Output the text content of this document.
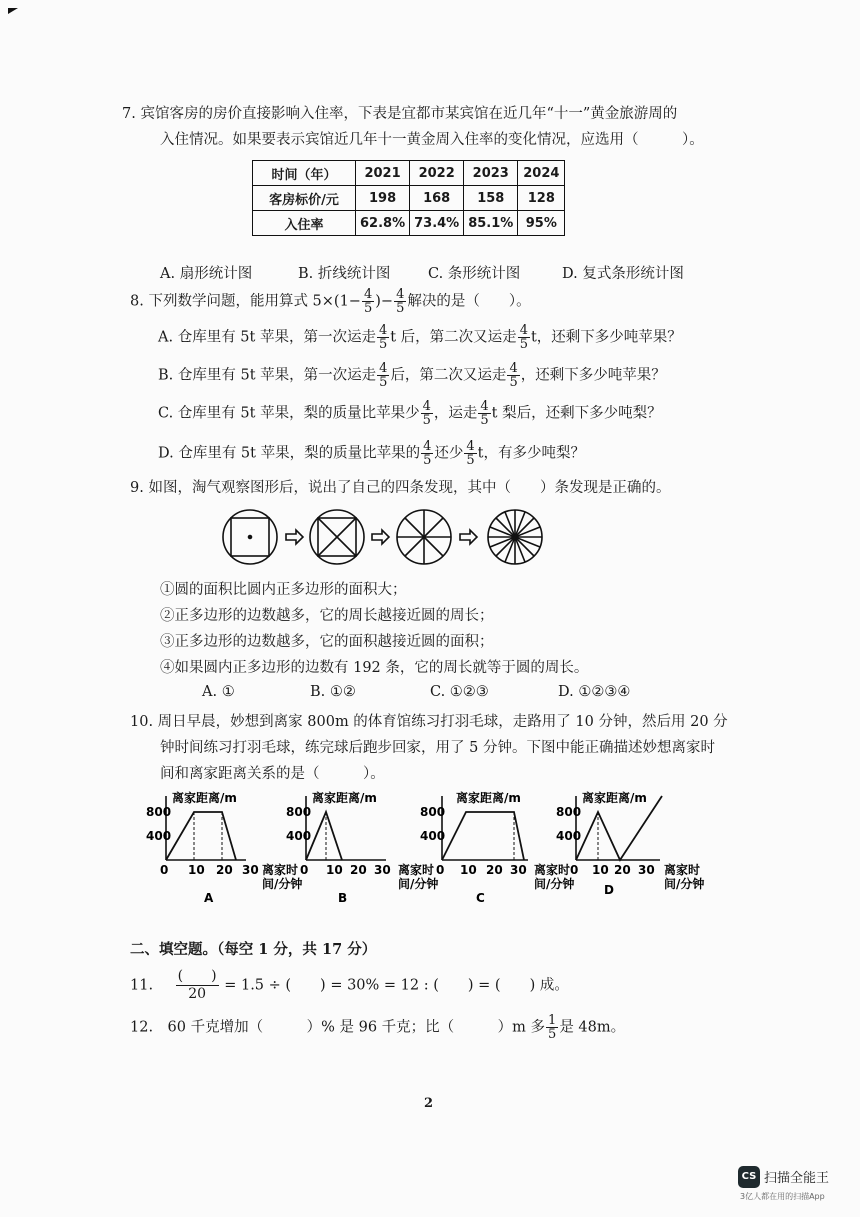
7. 宾馆客房的房价直接影响入住率，下表是宜都市某宾馆在近几年“十一”黄金旅游周的
入住情况。如果要表示宾馆近几年十一黄金周入住率的变化情况，应选用（　　　）。
时间（年）	2021	2022	2023	2024
客房标价/元	198	168	158	128
入住率	62.8%	73.4%	85.1%	95%
A. 扇形统计图	B. 折线统计图	C. 条形统计图	D. 复式条形统计图
8. 下列数学问题，能用算式 $5\times(1- \frac{4}{5}$ )− $\frac{4}{5}$ 解决的是（　　）。
A. 仓库里有 5t 苹果，第一次运走 $\frac{4}{5}$ t 后，第二次又运走 $\frac{4}{5}$ t，还剩下多少吨苹果？
B. 仓库里有 5t 苹果，第一次运走 $\frac{4}{5}$ 后，第二次又运走 $\frac{4}{5}$ ，还剩下多少吨苹果？
C. 仓库里有 5t 苹果，梨的质量比苹果少 $\frac{4}{5}$ ，运走 $\frac{4}{5}$ t 梨后，还剩下多少吨梨？
D. 仓库里有 5t 苹果，梨的质量比苹果的 $\frac{4}{5}$ 还少 $\frac{4}{5}$ t，有多少吨梨？
9. 如图，淘气观察图形后，说出了自己的四条发现，其中（　　）条发现是正确的。
①圆的面积比圆内正多边形的面积大；
②正多边形的边数越多，它的周长越接近圆的周长；
③正多边形的边数越多，它的面积越接近圆的面积；
④如果圆内正多边形的边数有 192 条，它的周长就等于圆的周长。
A. ①	B. ①②	C. ①②③	D. ①②③④
10. 周日早晨，妙想到离家 800m 的体育馆练习打羽毛球，走路用了 10 分钟，然后用 20 分
钟时间练习打羽毛球，练完球后跑步回家，用了 5 分钟。下图中能正确描述妙想离家时
间和离家距离关系的是（　　　）。
离家距离/m
800
400
0 10 20 30 离家时
间/分钟
A
离家距离/m
800
400
0 10 20 30 离家时
间/分钟
B
离家距离/m
800
400
0 10 20 30 离家时
间/分钟
C
离家距离/m
800
400
0 10 20 30 离家时
间/分钟
D
二、填空题。（每空 1 分，共 17 分）
11. $\frac{( )}{20} = 1.5$ ÷ (　　) = 30% = 12 : (　　) = (　　) 成。
12.　60 千克增加（　　　）% 是 96 千克；比（　　　）m 多 $\frac{1}{5}$ 是 48m。
2
CS 扫描全能王
3亿人都在用的扫描App
